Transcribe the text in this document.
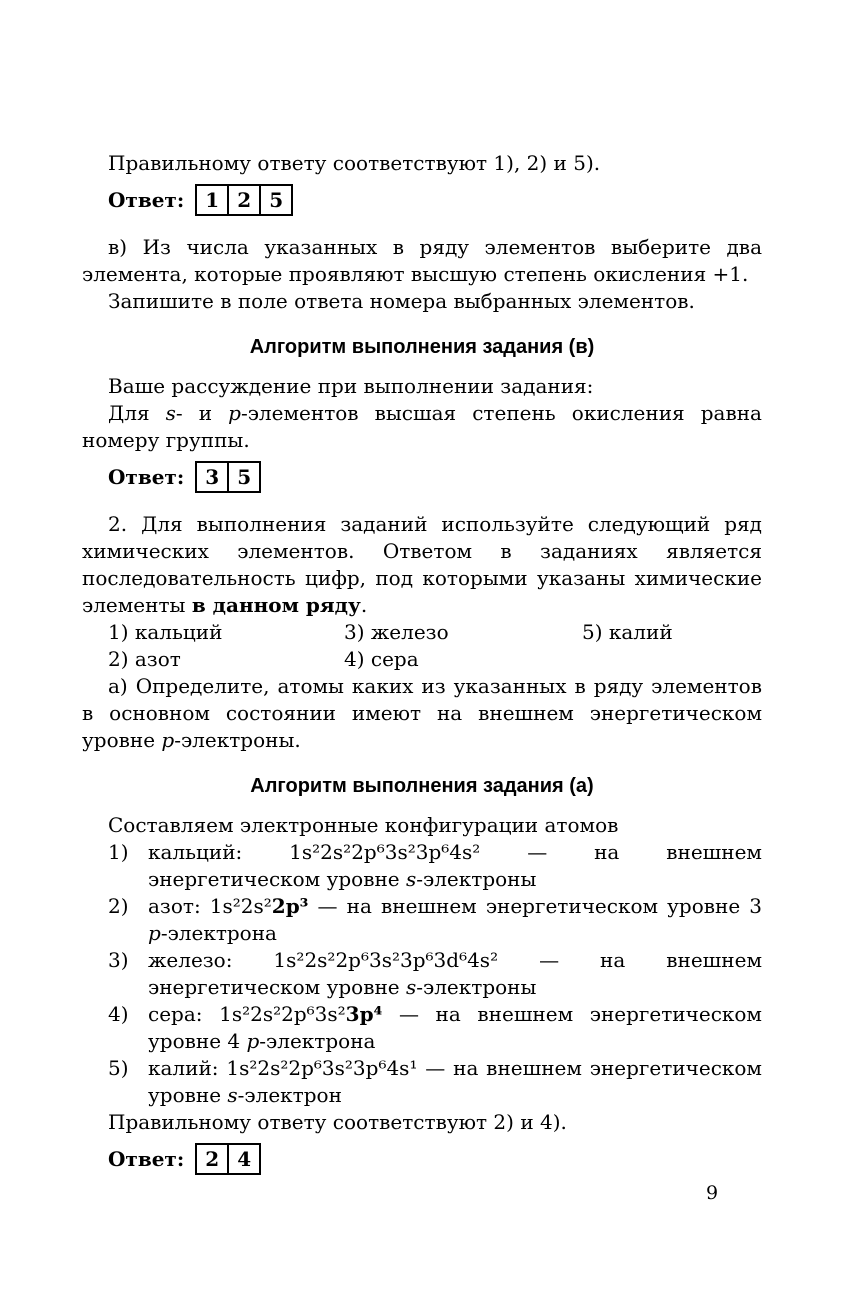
Правильному ответу соответствуют 1), 2) и 5).

Ответ:	1 2 5

в) Из числа указанных в ряду элементов выберите два элемента, которые проявляют высшую степень окисления +1.

Запишите в поле ответа номера выбранных элементов.

Алгоритм выполнения задания (в)

Ваше рассуждение при выполнении задания:

Для s- и p-элементов высшая степень окисления равна номеру группы.

Ответ:	3 5

2. Для выполнения заданий используйте следующий ряд химических элементов. Ответом в заданиях является последовательность цифр, под которыми указаны химические элементы в данном ряду.

1) кальций	3) железо	5) калий
2) азот	4) сера

а) Определите, атомы каких из указанных в ряду элементов в основном состоянии имеют на внешнем энергетическом уровне p-электроны.

Алгоритм выполнения задания (а)

Составляем электронные конфигурации атомов

1) кальций: 1s²2s²2p⁶3s²3p⁶4s² — на внешнем энергетическом уровне s-электроны
2) азот: 1s²2s²2p³ — на внешнем энергетическом уровне 3 p-электрона
3) железо: 1s²2s²2p⁶3s²3p⁶3d⁶4s² — на внешнем энергетическом уровне s-электроны
4) сера: 1s²2s²2p⁶3s²3p⁴ — на внешнем энергетическом уровне 4 p-электрона
5) калий: 1s²2s²2p⁶3s²3p⁶4s¹ — на внешнем энергетическом уровне s-электрон

Правильному ответу соответствуют 2) и 4).

Ответ:	2 4
9
